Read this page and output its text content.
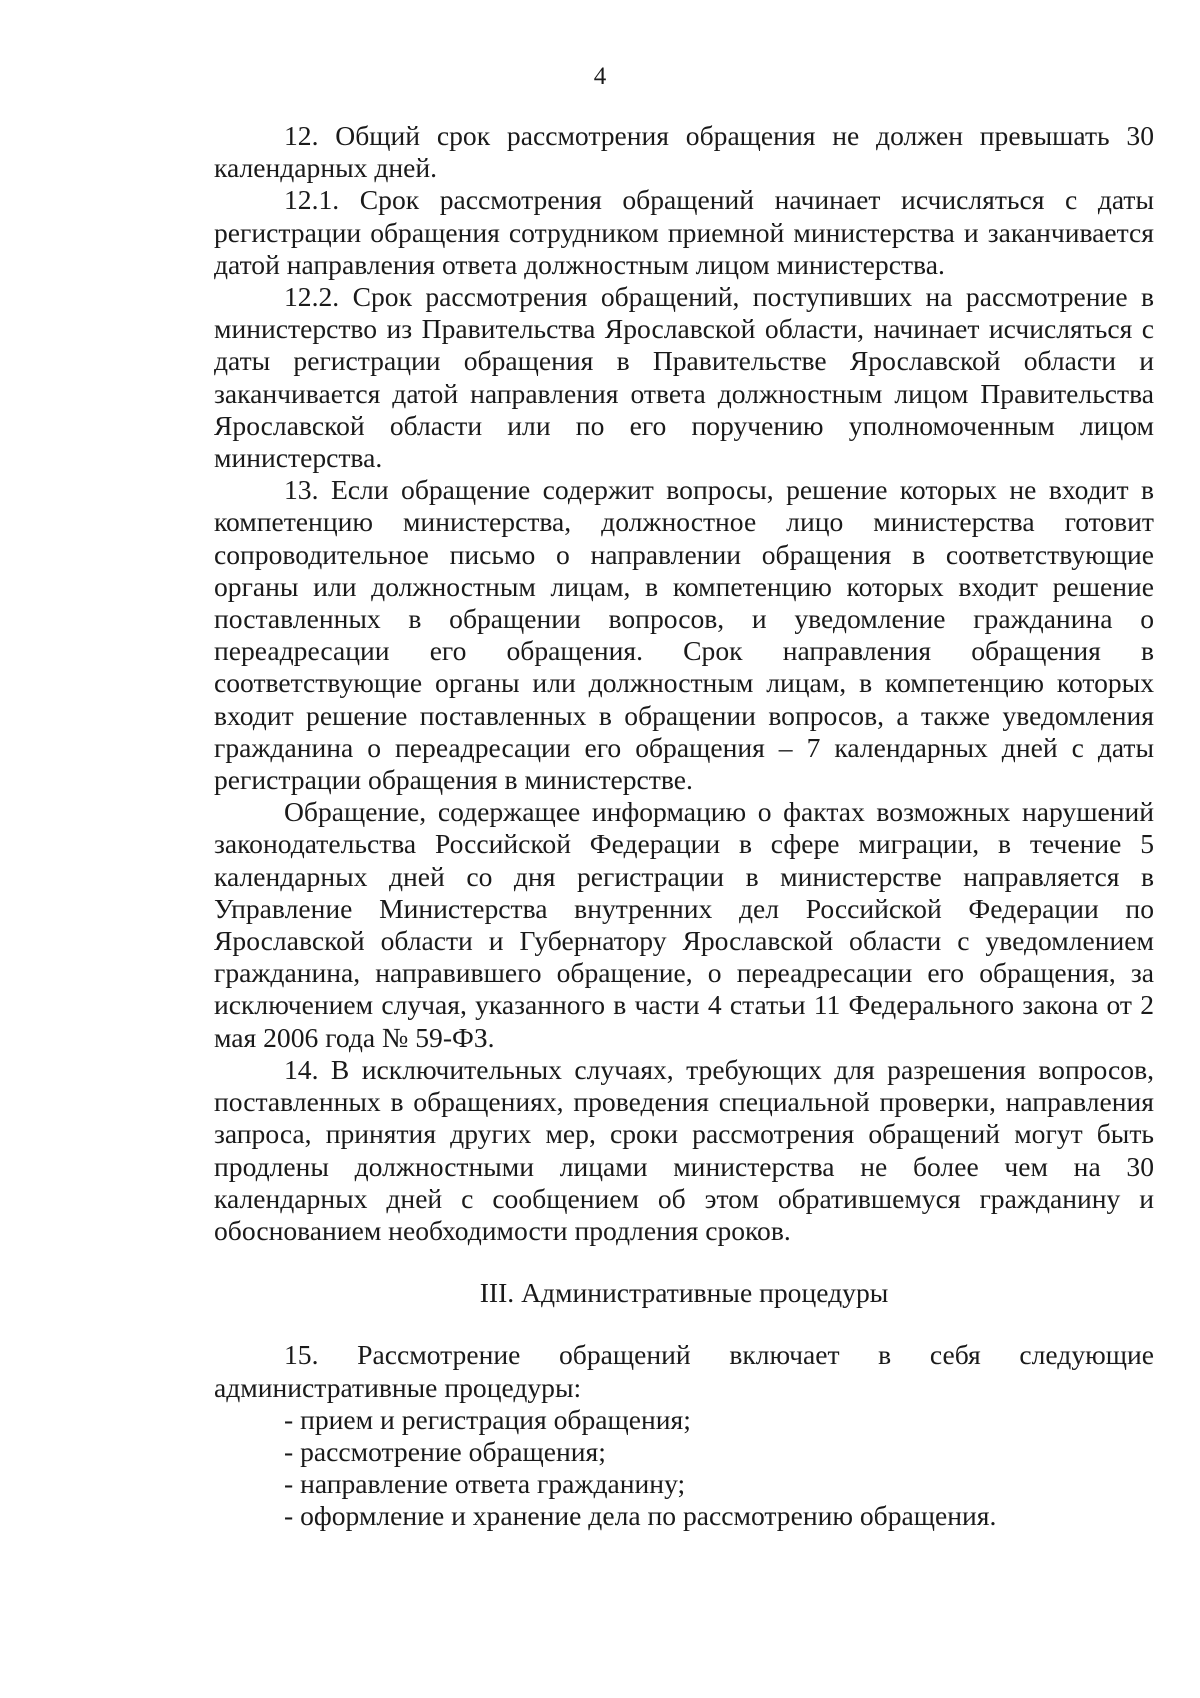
4

12. Общий срок рассмотрения обращения не должен превышать 30 календарных дней.

12.1. Срок рассмотрения обращений начинает исчисляться с даты регистрации обращения сотрудником приемной министерства и заканчивается датой направления ответа должностным лицом министерства.

12.2. Срок рассмотрения обращений, поступивших на рассмотрение в министерство из Правительства Ярославской области, начинает исчисляться с даты регистрации обращения в Правительстве Ярославской области и заканчивается датой направления ответа должностным лицом Правительства Ярославской области или по его поручению уполномоченным лицом министерства.

13. Если обращение содержит вопросы, решение которых не входит в компетенцию министерства, должностное лицо министерства готовит сопроводительное письмо о направлении обращения в соответствующие органы или должностным лицам, в компетенцию которых входит решение поставленных в обращении вопросов, и уведомление гражданина о переадресации его обращения. Срок направления обращения в соответствующие органы или должностным лицам, в компетенцию которых входит решение поставленных в обращении вопросов, а также уведомления гражданина о переадресации его обращения – 7 календарных дней с даты регистрации обращения в министерстве.

Обращение, содержащее информацию о фактах возможных нарушений законодательства Российской Федерации в сфере миграции, в течение 5 календарных дней со дня регистрации в министерстве направляется в Управление Министерства внутренних дел Российской Федерации по Ярославской области и Губернатору Ярославской области с уведомлением гражданина, направившего обращение, о переадресации его обращения, за исключением случая, указанного в части 4 статьи 11 Федерального закона от 2 мая 2006 года № 59-ФЗ.

14. В исключительных случаях, требующих для разрешения вопросов, поставленных в обращениях, проведения специальной проверки, направления запроса, принятия других мер, сроки рассмотрения обращений могут быть продлены должностными лицами министерства не более чем на 30 календарных дней с сообщением об этом обратившемуся гражданину и обоснованием необходимости продления сроков.

III. Административные процедуры

15. Рассмотрение обращений включает в себя следующие административные процедуры:

- прием и регистрация обращения;
- рассмотрение обращения;
- направление ответа гражданину;
- оформление и хранение дела по рассмотрению обращения.
